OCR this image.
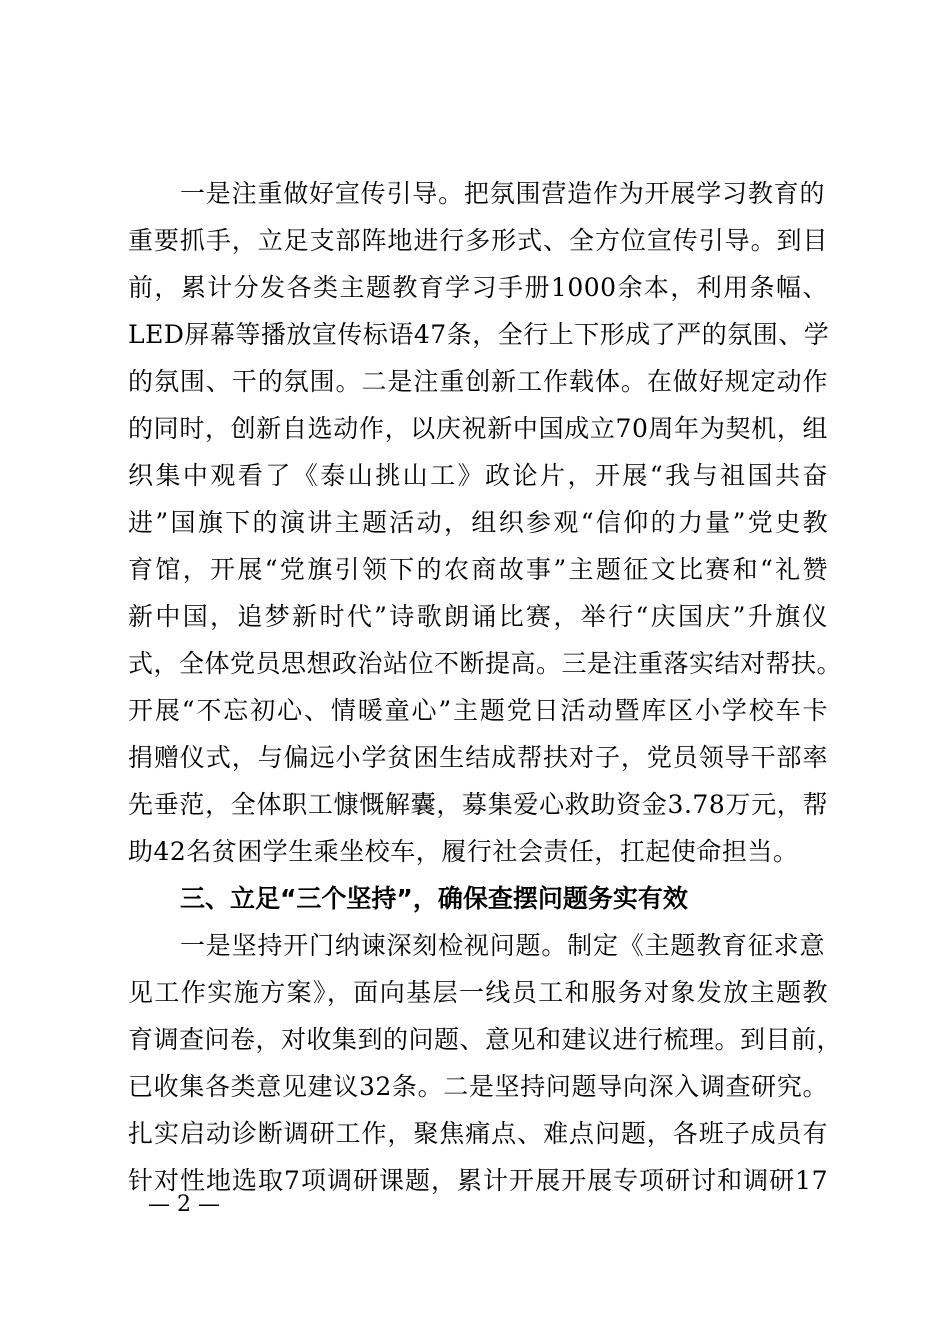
一是注重做好宣传引导。把氛围营造作为开展学习教育的
重要抓手，立足支部阵地进行多形式、全方位宣传引导。到目
前，累计分发各类主题教育学习手册1000余本，利用条幅、
LED屏幕等播放宣传标语47条，全行上下形成了严的氛围、学
的氛围、干的氛围。二是注重创新工作载体。在做好规定动作
的同时，创新自选动作，以庆祝新中国成立70周年为契机，组
织集中观看了《泰山挑山工》政论片，开展“我与祖国共奋
进”国旗下的演讲主题活动，组织参观“信仰的力量”党史教
育馆，开展“党旗引领下的农商故事”主题征文比赛和“礼赞
新中国，追梦新时代”诗歌朗诵比赛，举行“庆国庆”升旗仪
式，全体党员思想政治站位不断提高。三是注重落实结对帮扶。
开展“不忘初心、情暖童心”主题党日活动暨库区小学校车卡
捐赠仪式，与偏远小学贫困生结成帮扶对子，党员领导干部率
先垂范，全体职工慷慨解囊，募集爱心救助资金3.78万元，帮
助42名贫困学生乘坐校车，履行社会责任，扛起使命担当。
三、立足“三个坚持”，确保查摆问题务实有效
一是坚持开门纳谏深刻检视问题。制定《主题教育征求意
见工作实施方案》，面向基层一线员工和服务对象发放主题教
育调查问卷，对收集到的问题、意见和建议进行梳理。到目前，
已收集各类意见建议32条。二是坚持问题导向深入调查研究。
扎实启动诊断调研工作，聚焦痛点、难点问题，各班子成员有
针对性地选取7项调研课题，累计开展开展专项研讨和调研17
— 2 —
